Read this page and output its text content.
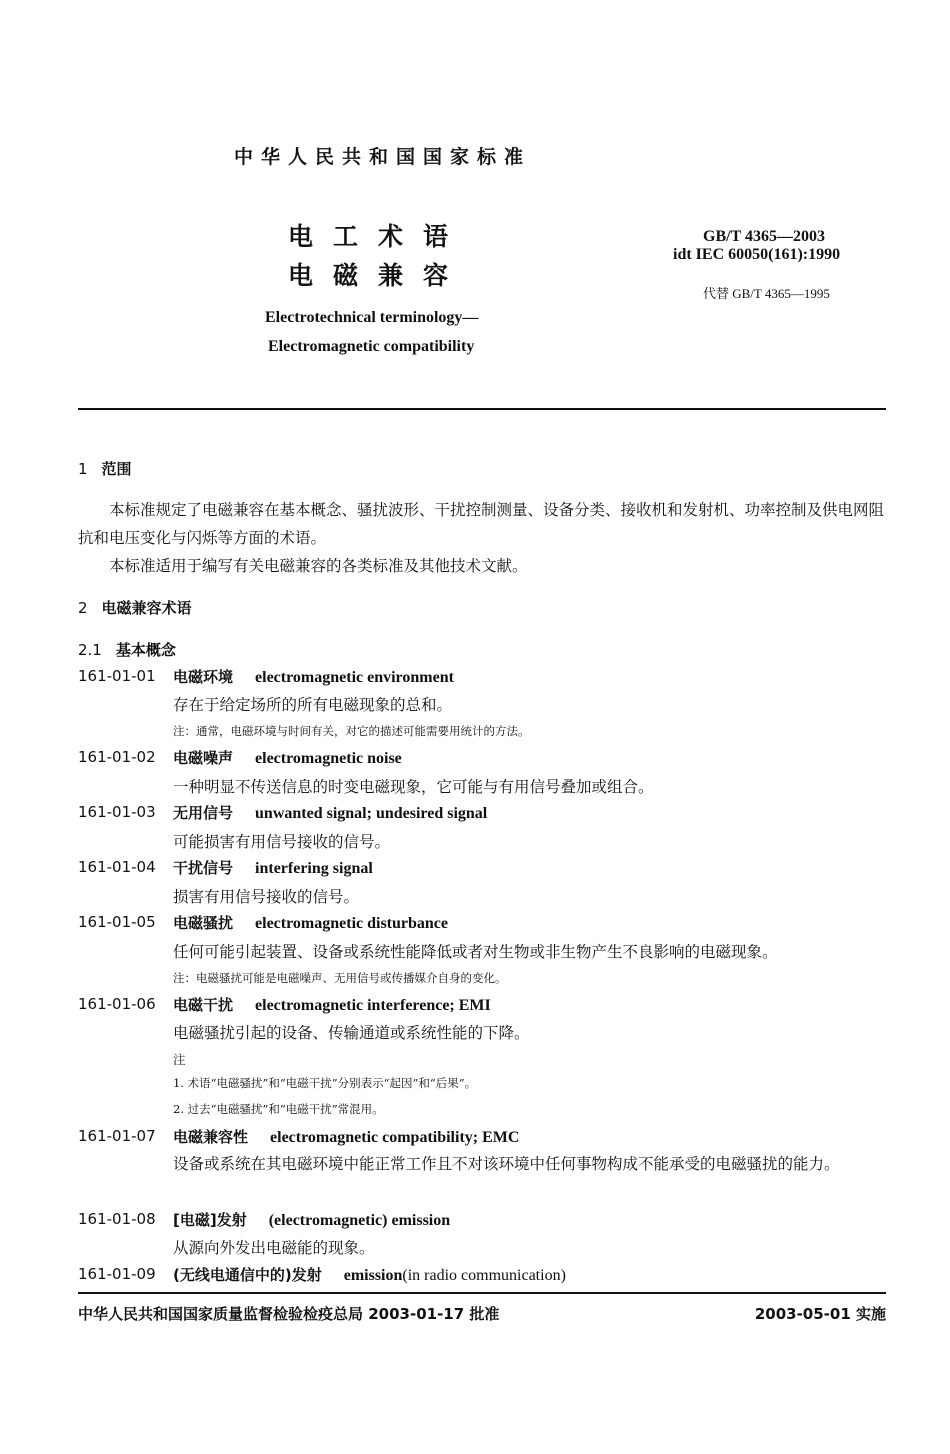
中华人民共和国国家标准
电工术语
电磁兼容
Electrotechnical terminology—
Electromagnetic compatibility
GB/T 4365—2003
idt IEC 60050(161):1990
代替 GB/T 4365—1995
1 范围
本标准规定了电磁兼容在基本概念、骚扰波形、干扰控制测量、设备分类、接收机和发射机、功率控制及供电网阻抗和电压变化与闪烁等方面的术语。
本标准适用于编写有关电磁兼容的各类标准及其他技术文献。
2 电磁兼容术语
2.1 基本概念
161-01-01 电磁环境 electromagnetic environment
存在于给定场所的所有电磁现象的总和。
注：通常，电磁环境与时间有关，对它的描述可能需要用统计的方法。
161-01-02 电磁噪声 electromagnetic noise
一种明显不传送信息的时变电磁现象，它可能与有用信号叠加或组合。
161-01-03 无用信号 unwanted signal; undesired signal
可能损害有用信号接收的信号。
161-01-04 干扰信号 interfering signal
损害有用信号接收的信号。
161-01-05 电磁骚扰 electromagnetic disturbance
任何可能引起装置、设备或系统性能降低或者对生物或非生物产生不良影响的电磁现象。
注：电磁骚扰可能是电磁噪声、无用信号或传播媒介自身的变化。
161-01-06 电磁干扰 electromagnetic interference; EMI
电磁骚扰引起的设备、传输通道或系统性能的下降。
注
1. 术语“电磁骚扰”和“电磁干扰”分别表示“起因”和“后果”。
2. 过去“电磁骚扰”和“电磁干扰”常混用。
161-01-07 电磁兼容性 electromagnetic compatibility; EMC
设备或系统在其电磁环境中能正常工作且不对该环境中任何事物构成不能承受的电磁骚扰的能力。
161-01-08 [电磁]发射 (electromagnetic) emission
从源向外发出电磁能的现象。
161-01-09 (无线电通信中的)发射 emission(in radio communication)
中华人民共和国国家质量监督检验检疫总局 2003-01-17 批准	2003-05-01 实施
